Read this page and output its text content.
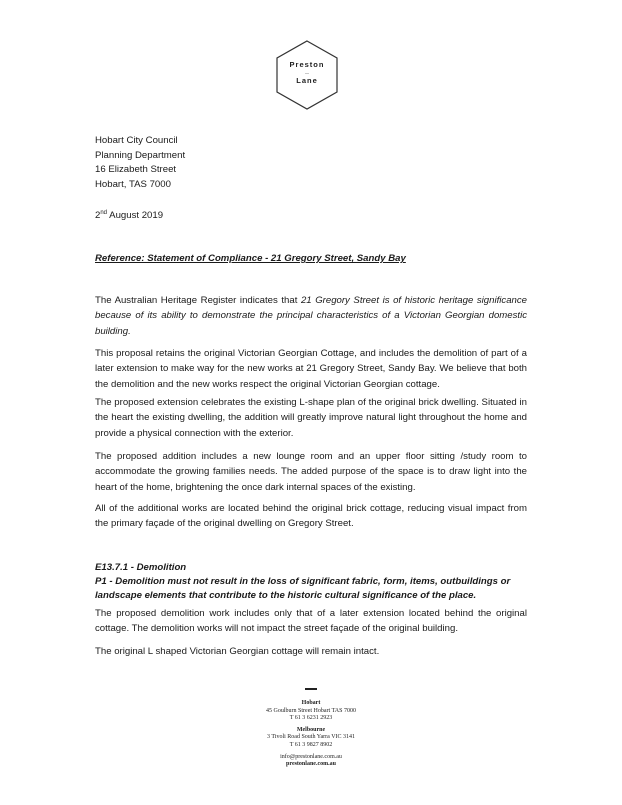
Preston
—
Lane
Hobart City Council
Planning Department
16 Elizabeth Street
Hobart, TAS 7000
2nd August 2019
Reference: Statement of Compliance - 21 Gregory Street, Sandy Bay

The Australian Heritage Register indicates that 21 Gregory Street is of historic heritage significance because of its ability to demonstrate the principal characteristics of a Victorian Georgian domestic building.

This proposal retains the original Victorian Georgian Cottage, and includes the demolition of part of a later extension to make way for the new works at 21 Gregory Street, Sandy Bay. We believe that both the demolition and the new works respect the original Victorian Georgian cottage.

The proposed extension celebrates the existing L-shape plan of the original brick dwelling. Situated in the heart the existing dwelling, the addition will greatly improve natural light throughout the home and provide a physical connection with the exterior.

The proposed addition includes a new lounge room and an upper floor sitting /study room to accommodate the growing families needs. The added purpose of the space is to draw light into the heart of the home, brightening the once dark internal spaces of the existing.

All of the additional works are located behind the original brick cottage, reducing visual impact from the primary façade of the original dwelling on Gregory Street.

E13.7.1 - Demolition
P1 - Demolition must not result in the loss of significant fabric, form, items, outbuildings or landscape elements that contribute to the historic cultural significance of the place.

The proposed demolition work includes only that of a later extension located behind the original cottage. The demolition works will not impact the street façade of the original building.

The original L shaped Victorian Georgian cottage will remain intact.

Hobart
45 Goulburn Street Hobart TAS 7000
T 61 3 6231 2923
Melbourne
3 Tivoli Road South Yarra VIC 3141
T 61 3 9827 8902
info@prestonlane.com.au
prestonlane.com.au
